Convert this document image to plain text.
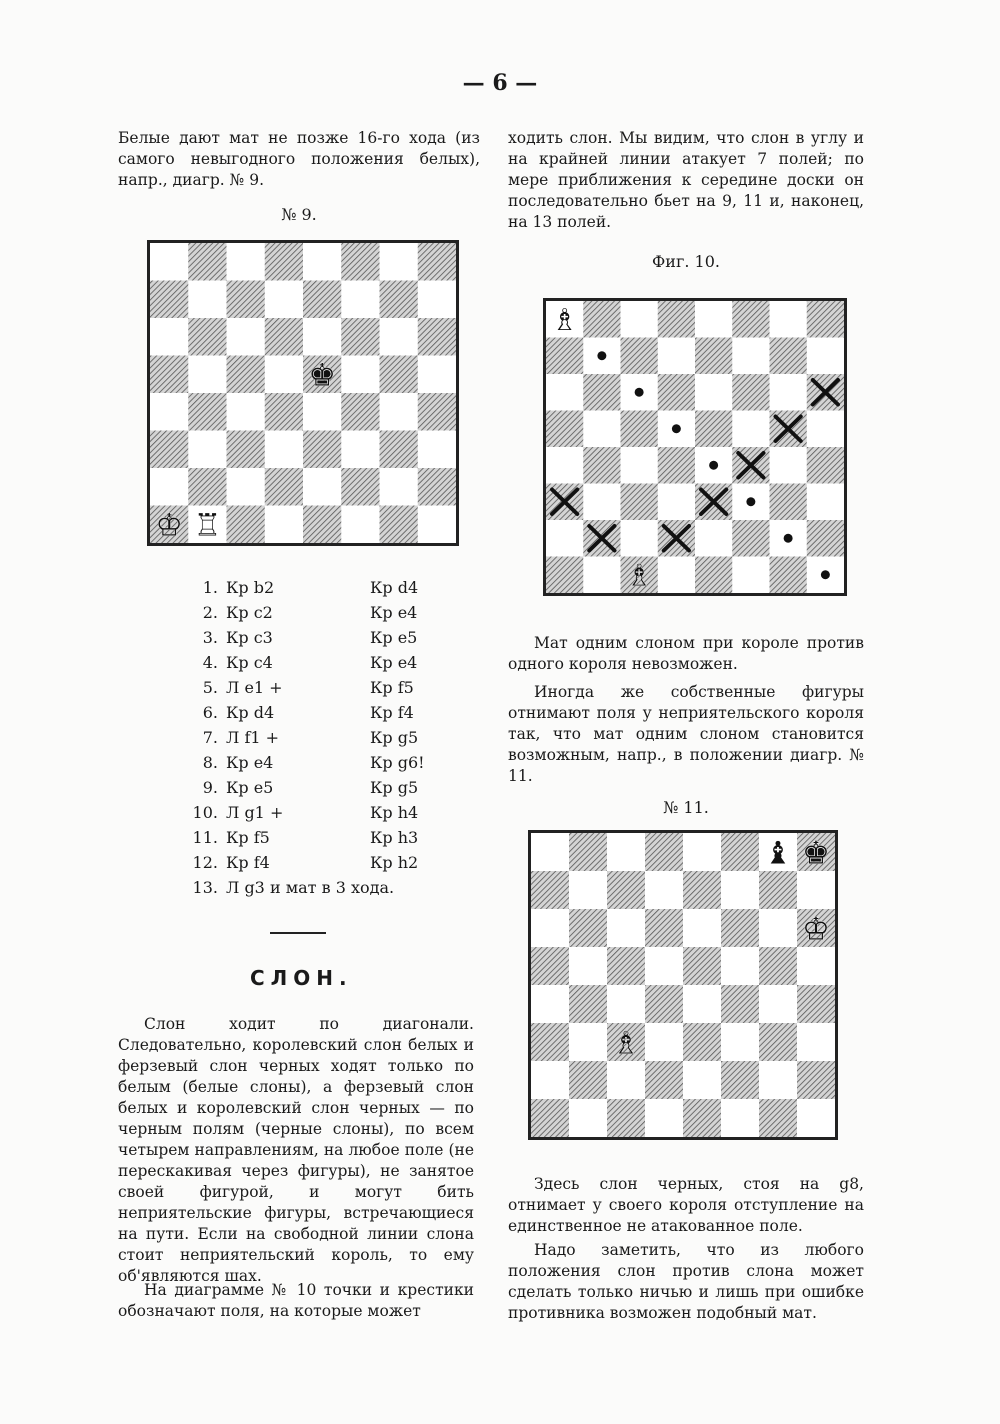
— 6 —
Белые дают мат не позже 16-го хода (из самого невыгодного положения белых), напр., диагр. № 9.
№ 9.
♚
♔ ♖
1. Кр b2	Кр d4
2. Кр c2	Кр e4
3. Кр c3	Кр e5
4. Кр c4	Кр e4
5. Л e1 +	Кр f5
6. Кр d4	Кр f4
7. Л f1 +	Кр g5
8. Кр e4	Кр g6!
9. Кр e5	Кр g5
10. Л g1 +	Кр h4
11. Кр f5	Кр h3
12. Кр f4	Кр h2
13. Л g3 и мат в 3 хода.
СЛОН.
Слон ходит по диагонали. Следовательно, королевский слон белых и ферзевый слон черных ходят только по белым (белые слоны), а ферзевый слон белых и королевский слон черных — по черным полям (черные слоны), по всем четырем направлениям, на любое поле (не перескакивая через фигуры), не занятое своей фигурой, и могут бить неприятельские фигуры, встречающиеся на пути. Если на свободной линии слона стоит неприятельский король, то ему об'являются шах.
На диаграмме № 10 точки и крестики обозначают поля, на которые может
ходить слон. Мы видим, что слон в углу и на крайней линии атакует 7 полей; по мере приближения к середине доски он последовательно бьет на 9, 11 и, наконец, на 13 полей.
Фиг. 10.
♗
♗
Мат одним слоном при короле против одного короля невозможен.
Иногда же собственные фигуры отнимают поля у неприятельского короля так, что мат одним слоном становится возможным, напр., в положении диагр. № 11.
№ 11.
♝ ♚
♔
♗
Здесь слон черных, стоя на g8, отнимает у своего короля отступление на единственное не атакованное поле.
Надо заметить, что из любого положения слон против слона может сделать только ничью и лишь при ошибке противника возможен подобный мат.
